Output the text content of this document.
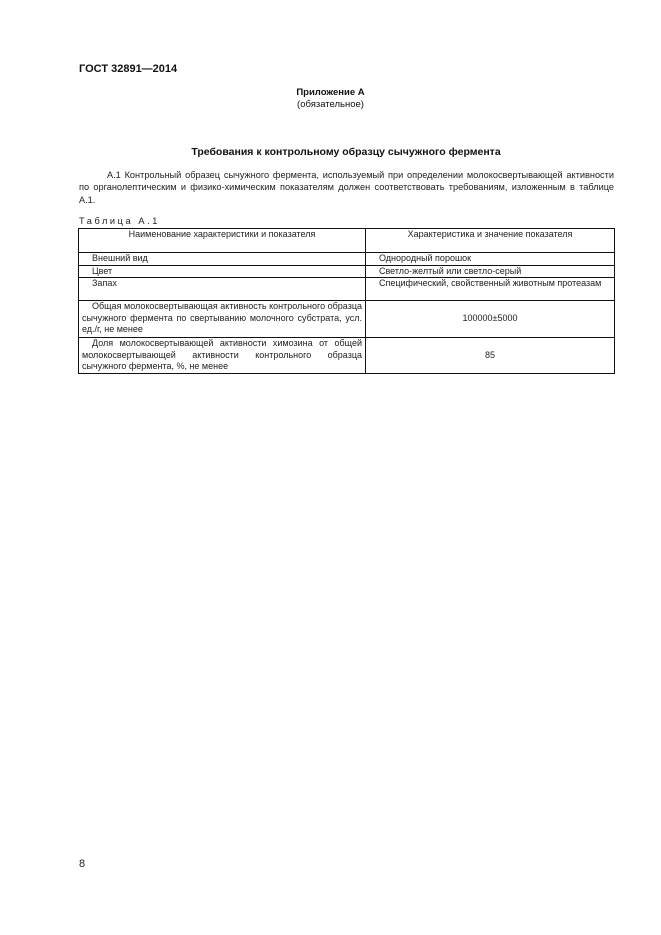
ГОСТ 32891—2014
Приложение А
(обязательное)
Требования к контрольному образцу сычужного фермента
А.1 Контрольный образец сычужного фермента, используемый при определении молокосвертывающей активности по органолептическим и физико-химическим показателям должен соответствовать требованиям, изложенным в таблице А.1.
Таблица А.1
Наименование характеристики и показателя	Характеристика и значение показателя
Внешний вид	Однородный порошок
Цвет	Светло-желтый или светло-серый
Запах	Специфический, свойственный животным протеазам
Общая молокосвертывающая активность контрольного образца сычужного фермента по свертыванию молочного субстрата, усл. ед./г, не менее	100000±5000
Доля молокосвертывающей активности химозина от общей молокосвертывающей активности контрольного образца сычужного фермента, %, не менее	85
8
